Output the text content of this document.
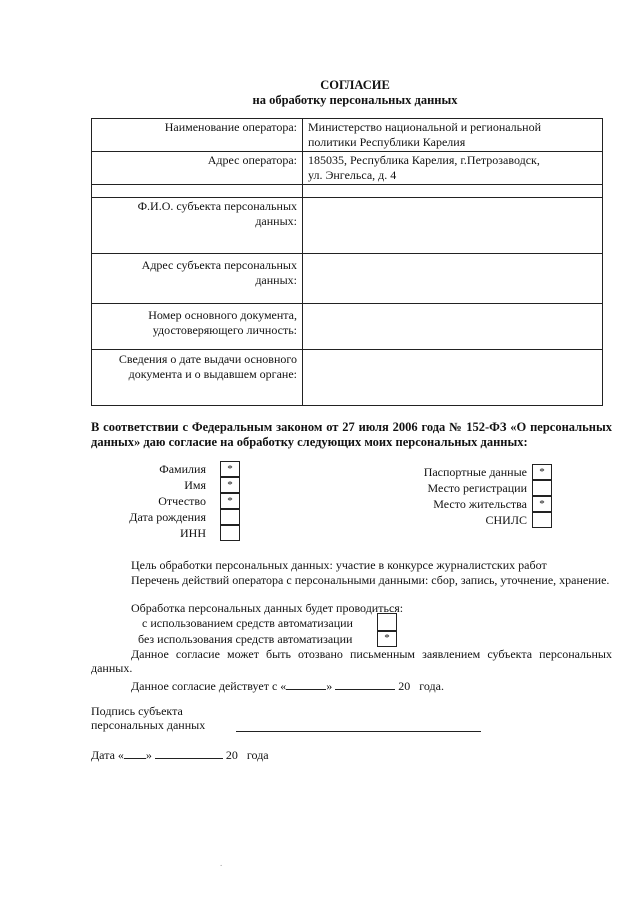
СОГЛАСИЕ
на обработку персональных данных
Наименование оператора:	Министерство национальной и региональной
политики Республики Карелия

Адрес оператора:	185035, Республика Карелия, г.Петрозаводск,
ул. Энгельса, д. 4

Ф.И.О. субъекта персональных
данных:	

Адрес субъекта персональных
данных:	

Номер основного документа,
удостоверяющего личность:	

Сведения о дате выдачи основного
документа и о выдавшем органе:	

В соответствии с Федеральным законом от 27 июля 2006 года № 152-ФЗ «О персональных данных» даю согласие на обработку следующих моих персональных данных:
Фамилия	*
Имя	*
Отчество	*
Дата рождения
ИНН
Паспортные данные	*
Место регистрации
Место жительства	*
СНИЛС
Цель обработки персональных данных: участие в конкурсе журналистских работ
Перечень действий оператора с персональными данными: сбор, запись, уточнение, хранение.
Обработка персональных данных будет проводиться:
с использованием средств автоматизации
без использования средств автоматизации	*
Данное согласие может быть отозвано письменным заявлением субъекта персональных данных.
Данное согласие действует с «	»	20 года.
Подпись субъекта
персональных данных
Дата « »	20 года
.
